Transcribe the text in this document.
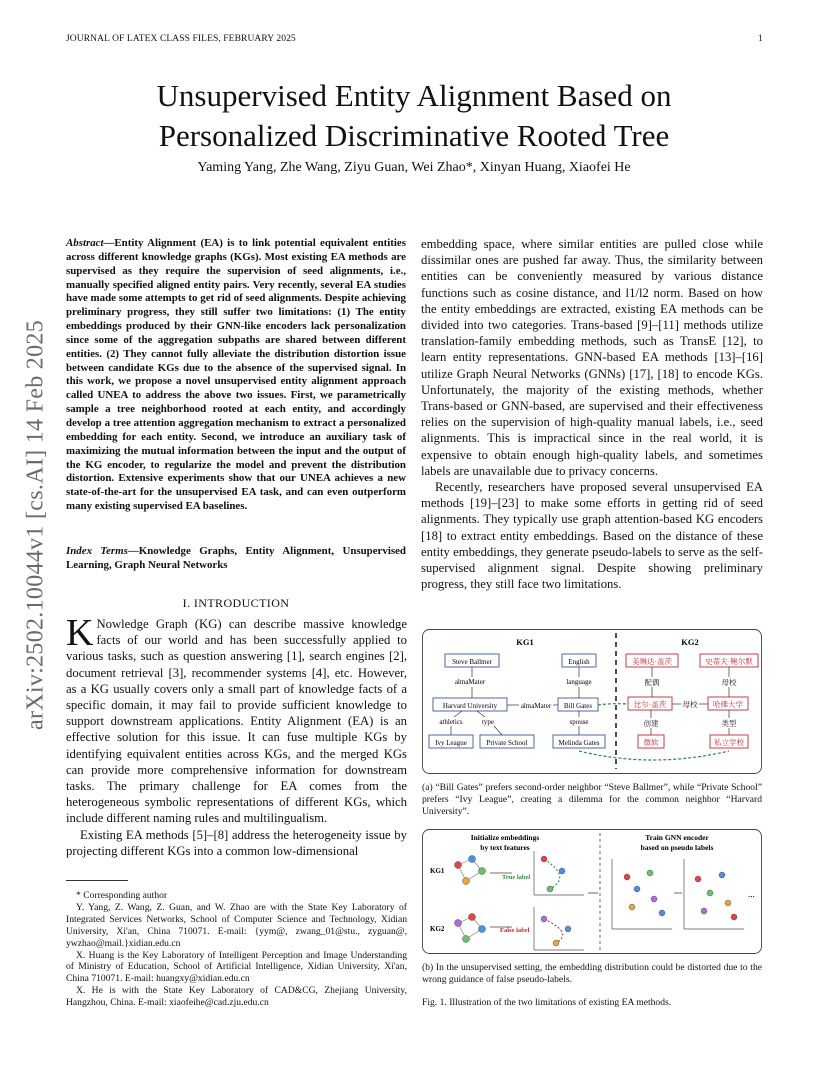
JOURNAL OF LATEX CLASS FILES, FEBRUARY 2025	1
arXiv:2502.10044v1 [cs.AI] 14 Feb 2025
Unsupervised Entity Alignment Based on
Personalized Discriminative Rooted Tree
Yaming Yang, Zhe Wang, Ziyu Guan, Wei Zhao*, Xinyan Huang, Xiaofei He
Abstract—Entity Alignment (EA) is to link potential equivalent entities across different knowledge graphs (KGs). Most existing EA methods are supervised as they require the supervision of seed alignments, i.e., manually specified aligned entity pairs. Very recently, several EA studies have made some attempts to get rid of seed alignments. Despite achieving preliminary progress, they still suffer two limitations: (1) The entity embeddings produced by their GNN-like encoders lack personalization since some of the aggregation subpaths are shared between different entities. (2) They cannot fully alleviate the distribution distortion issue between candidate KGs due to the absence of the supervised signal. In this work, we propose a novel unsupervised entity alignment approach called UNEA to address the above two issues. First, we parametrically sample a tree neighborhood rooted at each entity, and accordingly develop a tree attention aggregation mechanism to extract a personalized embedding for each entity. Second, we introduce an auxiliary task of maximizing the mutual information between the input and the output of the KG encoder, to regularize the model and prevent the distribution distortion. Extensive experiments show that our UNEA achieves a new state-of-the-art for the unsupervised EA task, and can even outperform many existing supervised EA baselines.
Index Terms—Knowledge Graphs, Entity Alignment, Unsupervised Learning, Graph Neural Networks
I. INTRODUCTION

K Nowledge Graph (KG) can describe massive knowledge facts of our world and has been successfully applied to various tasks, such as question answering [1], search engines [2], document retrieval [3], recommender systems [4], etc. However, as a KG usually covers only a small part of knowledge facts of a specific domain, it may fail to provide sufficient knowledge to support downstream applications. Entity Alignment (EA) is an effective solution for this issue. It can fuse multiple KGs by identifying equivalent entities across KGs, and the merged KGs can provide more comprehensive information for downstream tasks. The primary challenge for EA comes from the heterogeneous symbolic representations of different KGs, which include different naming rules and multilingualism.

Existing EA methods [5]–[8] address the heterogeneity issue by projecting different KGs into a common low-dimensional

* Corresponding author

Y. Yang, Z. Wang, Z. Guan, and W. Zhao are with the State Key Laboratory of Integrated Services Networks, School of Computer Science and Technology, Xidian University, Xi'an, China 710071. E-mail: {yym@, zwang_01@stu., zyguan@, ywzhao@mail.}xidian.edu.cn

X. Huang is the Key Laboratory of Intelligent Perception and Image Understanding of Ministry of Education, School of Artificial Intelligence, Xidian University, Xi'an, China 710071. E-mail: huangxy@xidian.edu.cn

X. He is with the State Key Laboratory of CAD&CG, Zhejiang University, Hangzhou, China. E-mail: xiaofeihe@cad.zju.edu.cn

embedding space, where similar entities are pulled close while dissimilar ones are pushed far away. Thus, the similarity between entities can be conveniently measured by various distance functions such as cosine distance, and l1/l2 norm. Based on how the entity embeddings are extracted, existing EA methods can be divided into two categories. Trans-based [9]–[11] methods utilize translation-family embedding methods, such as TransE [12], to learn entity representations. GNN-based EA methods [13]–[16] utilize Graph Neural Networks (GNNs) [17], [18] to encode KGs. Unfortunately, the majority of the existing methods, whether Trans-based or GNN-based, are supervised and their effectiveness relies on the supervision of high-quality manual labels, i.e., seed alignments. This is impractical since in the real world, it is expensive to obtain enough high-quality labels, and sometimes labels are unavailable due to privacy concerns.

Recently, researchers have proposed several unsupervised EA methods [19]–[23] to make some efforts in getting rid of seed alignments. They typically use graph attention-based KG encoders [18] to extract entity embeddings. Based on the distance of these entity embeddings, they generate pseudo-labels to serve as the self-supervised alignment signal. Despite showing preliminary progress, they still face two limitations.

KG1	KG2
Steve Ballmer	English
Harvard University	Bill Gates
Ivy League	Private School	Melinda Gates
almaMater
almaMater
language
athletics	type	spouse
美琳达·盖茨	史蒂夫·鲍尔默
比尔·盖茨	哈佛大学
微软	私立学校
配偶	母校
母校
创建	类型
(a) “Bill Gates” prefers second-order neighbor “Steve Ballmer”, while “Private School” prefers “Ivy League”, creating a dilemma for the common neighbor “Harvard University”.
Initialize embeddings
by text features
Train GNN encoder
based on pseudo labels
KG1
KG2
True label
False label
...
(b) In the unsupervised setting, the embedding distribution could be distorted due to the wrong guidance of false pseudo-labels.
Fig. 1. Illustration of the two limitations of existing EA methods.
